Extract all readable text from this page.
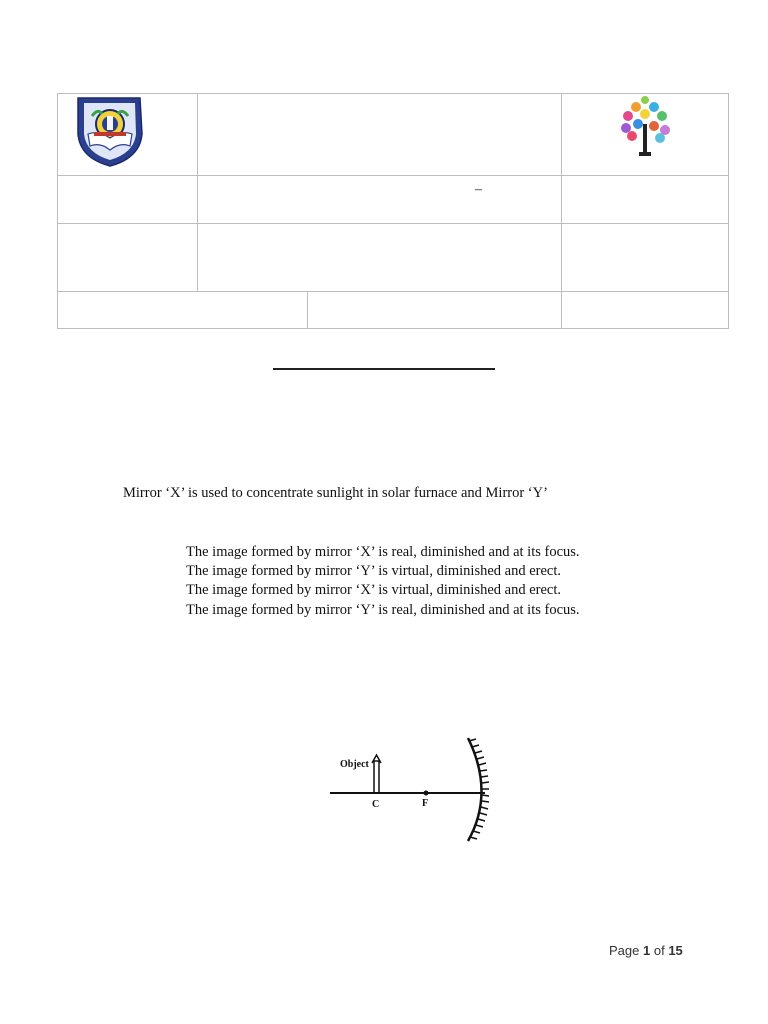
	–		

Mirror ‘X’ is used to concentrate sunlight in solar furnace and Mirror ‘Y’
The image formed by mirror ‘X’ is real, diminished and at its focus.
The image formed by mirror ‘Y’ is virtual, diminished and erect.
The image formed by mirror ‘X’ is virtual, diminished and erect.
The image formed by mirror ‘Y’ is real, diminished and at its focus.
Object
C	F
Page 1 of 15
